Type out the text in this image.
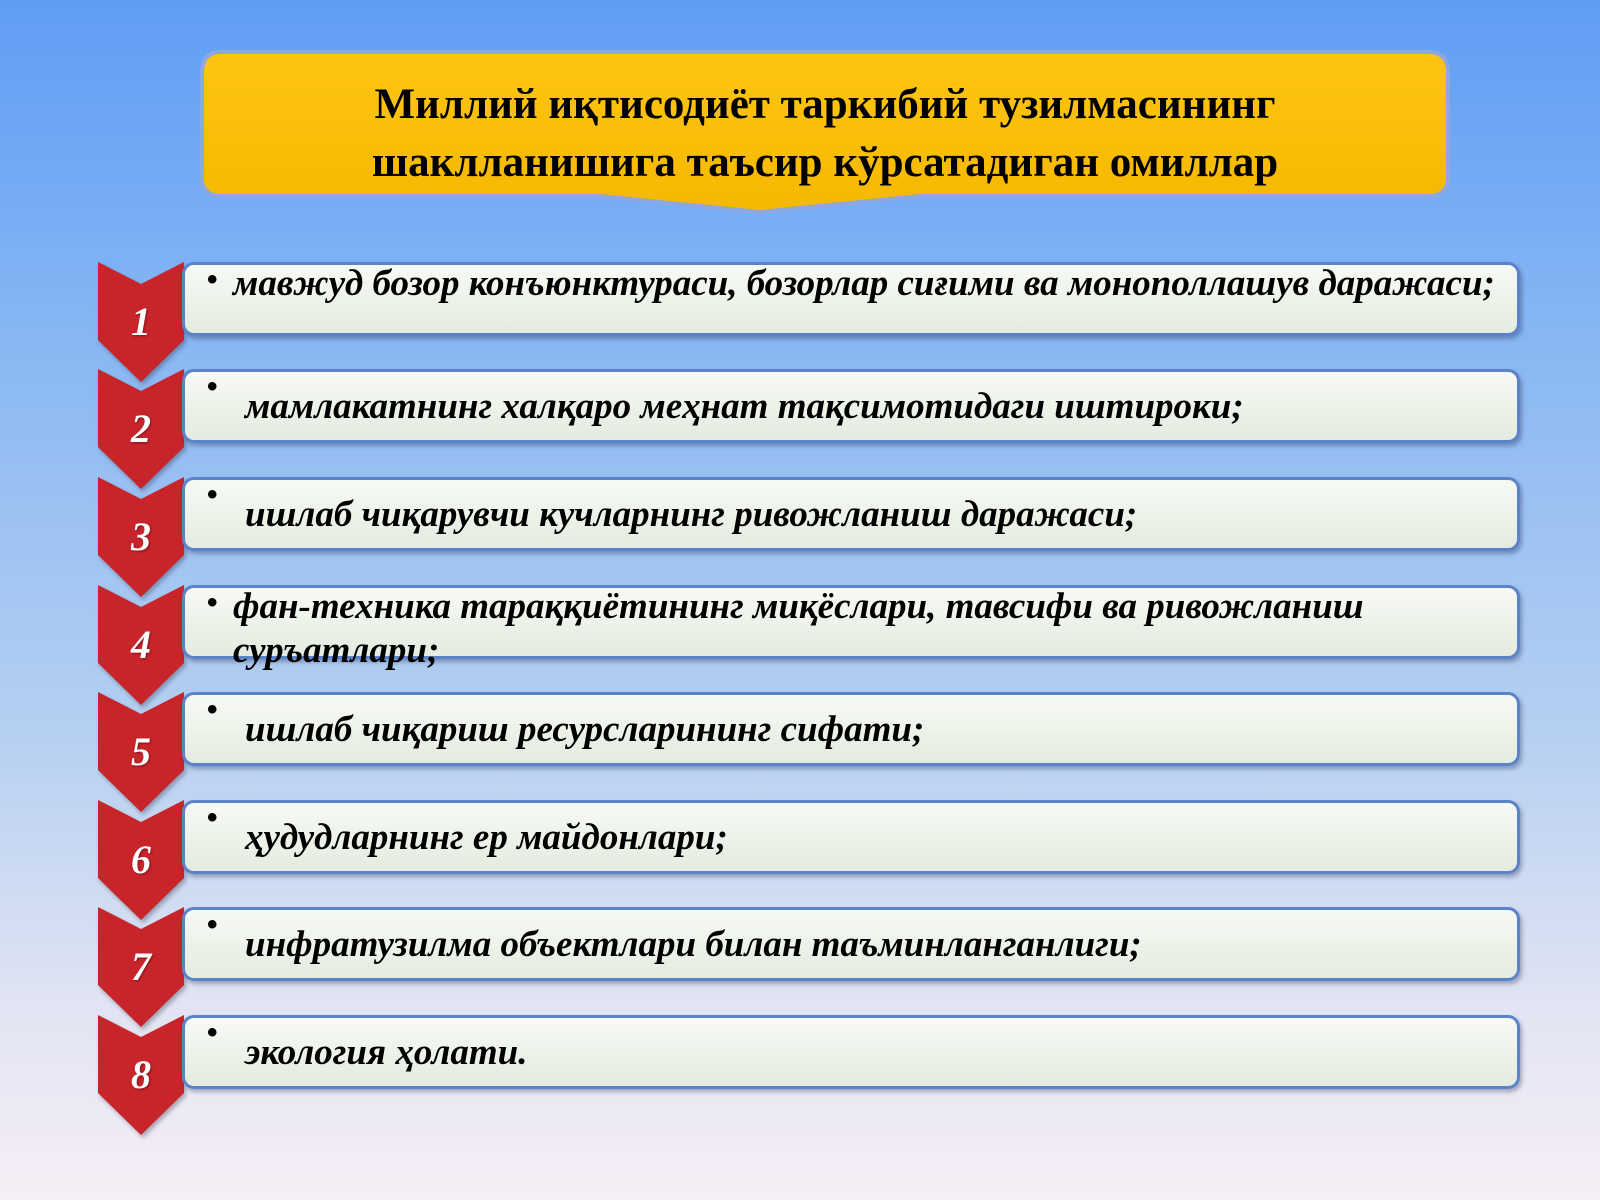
Миллий иқтисодиёт таркибий тузилмасининг
шаклланишига таъсир кўрсатадиган омиллар
1
• мавжуд бозор конъюнктураси, бозорлар сиғими ва монополлашув даражаси;
2
• мамлакатнинг халқаро меҳнат тақсимотидаги иштироки;
3
• ишлаб чиқарувчи кучларнинг ривожланиш даражаси;
4
• фан-техника тараққиётининг миқёслари, тавсифи ва ривожланиш суръатлари;
5
• ишлаб чиқариш ресурсларининг сифати;
6
• ҳудудларнинг ер майдонлари;
7
• инфратузилма объектлари билан таъминланганлиги;
8
• экология ҳолати.
